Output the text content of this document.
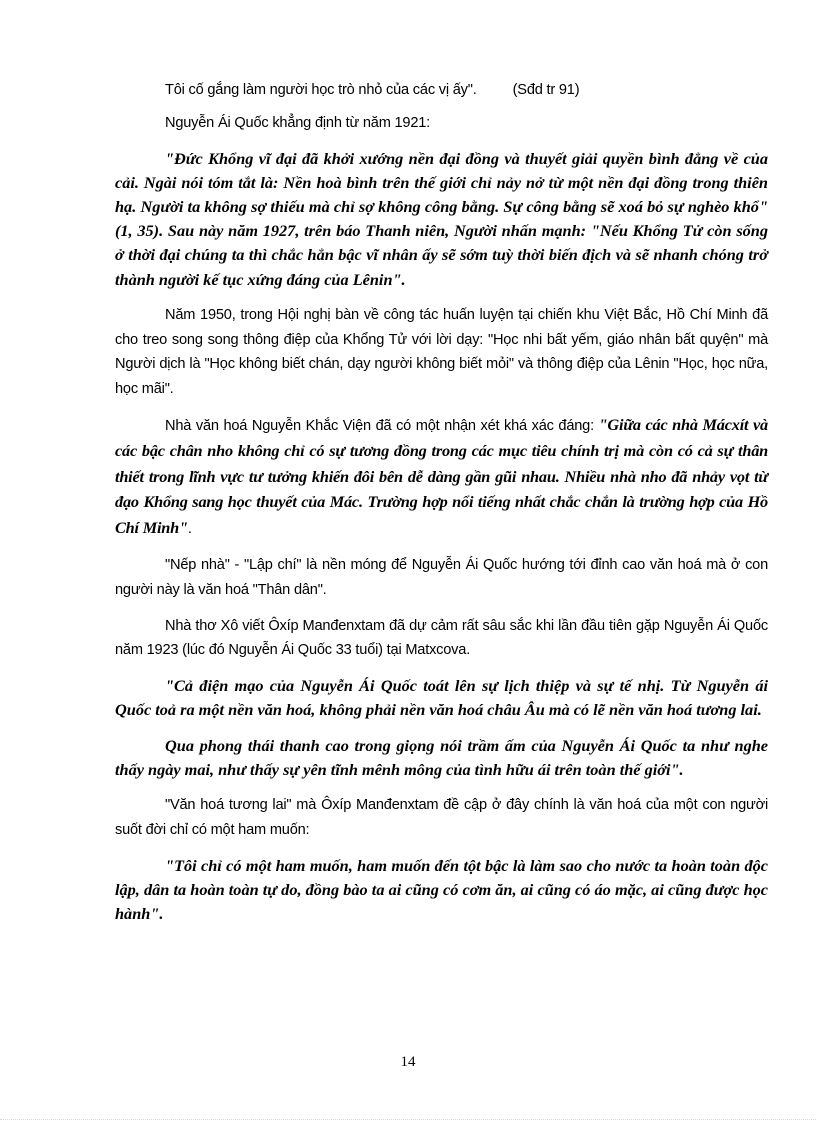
Tôi cố gắng làm người học trò nhỏ của các vị ấy". (Sđd tr 91)

Nguyễn Ái Quốc khẳng định từ năm 1921:

"Đức Khổng vĩ đại đã khởi xướng nền đại đồng và thuyết giải quyền bình đẳng về của cải. Ngài nói tóm tắt là: Nền hoà bình trên thế giới chỉ nảy nở từ một nền đại đồng trong thiên hạ. Người ta không sợ thiếu mà chỉ sợ không công bằng. Sự công bằng sẽ xoá bỏ sự nghèo khổ" (1, 35). Sau này năm 1927, trên báo Thanh niên, Người nhấn mạnh: "Nếu Khổng Tử còn sống ở thời đại chúng ta thì chắc hẳn bậc vĩ nhân ấy sẽ sớm tuỳ thời biến địch và sẽ nhanh chóng trở thành người kế tục xứng đáng của Lênin".

Năm 1950, trong Hội nghị bàn về công tác huấn luyện tại chiến khu Việt Bắc, Hồ Chí Minh đã cho treo song song thông điệp của Khổng Tử với lời dạy: "Học nhi bất yếm, giáo nhân bất quyện" mà Người dịch là "Học không biết chán, dạy người không biết mỏi" và thông điệp của Lênin "Học, học nữa, học mãi".

Nhà văn hoá Nguyễn Khắc Viện đã có một nhận xét khá xác đáng: "Giữa các nhà Mácxít và các bậc chân nho không chỉ có sự tương đồng trong các mục tiêu chính trị mà còn có cả sự thân thiết trong lĩnh vực tư tưởng khiến đôi bên dễ dàng gần gũi nhau. Nhiều nhà nho đã nhảy vọt từ đạo Khổng sang học thuyết của Mác. Trường hợp nổi tiếng nhất chắc chắn là trường hợp của Hồ Chí Minh".

"Nếp nhà" - "Lập chí" là nền móng để Nguyễn Ái Quốc hướng tới đỉnh cao văn hoá mà ở con người này là văn hoá "Thân dân".

Nhà thơ Xô viết Ôxíp Manđenxtam đã dự cảm rất sâu sắc khi lần đầu tiên gặp Nguyễn Ái Quốc năm 1923 (lúc đó Nguyễn Ái Quốc 33 tuổi) tại Matxcova.

"Cả điện mạo của Nguyễn Ái Quốc toát lên sự lịch thiệp và sự tế nhị. Từ Nguyễn ái Quốc toả ra một nền văn hoá, không phải nền văn hoá châu Âu mà có lẽ nền văn hoá tương lai.

Qua phong thái thanh cao trong giọng nói trầm ấm của Nguyễn Ái Quốc ta như nghe thấy ngày mai, như thấy sự yên tĩnh mênh mông của tình hữu ái trên toàn thế giới".

"Văn hoá tương lai" mà Ôxíp Manđenxtam đề cập ở đây chính là văn hoá của một con người suốt đời chỉ có một ham muốn:

"Tôi chỉ có một ham muốn, ham muốn đến tột bậc là làm sao cho nước ta hoàn toàn độc lập, dân ta hoàn toàn tự do, đồng bào ta ai cũng có cơm ăn, ai cũng có áo mặc, ai cũng được học hành".

14
